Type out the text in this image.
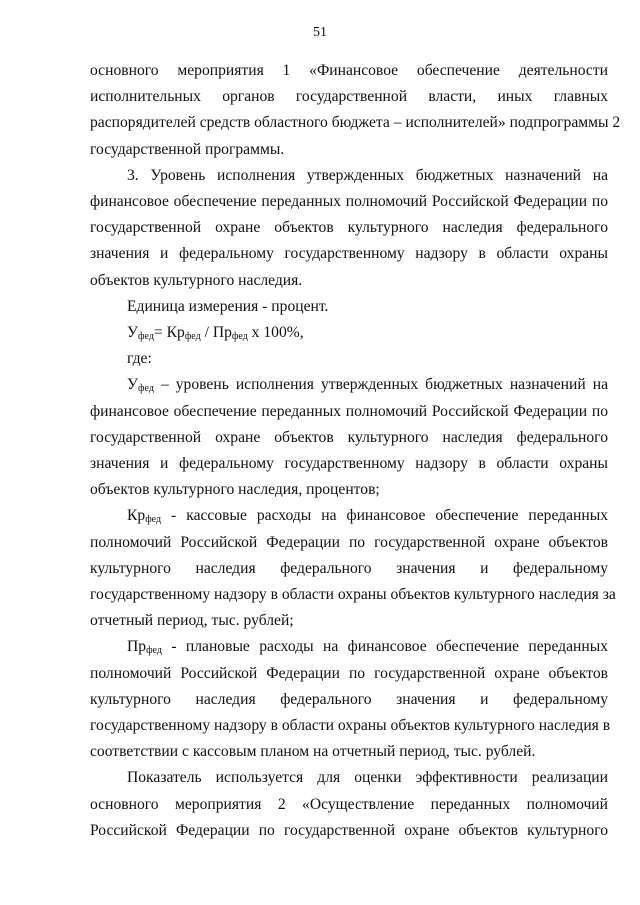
51
основного мероприятия 1 «Финансовое обеспечение деятельности
исполнительных органов государственной власти, иных главных
распорядителей средств областного бюджета – исполнителей» подпрограммы 2
государственной программы.
3. Уровень исполнения утвержденных бюджетных назначений на
финансовое обеспечение переданных полномочий Российской Федерации по
государственной охране объектов культурного наследия федерального
значения и федеральному государственному надзору в области охраны
объектов культурного наследия.
Единица измерения - процент.
$У_{фед}= Кр_{фед} / Пр_{фед}$ х 100%,
где:
$У_{фед}$ – уровень исполнения утвержденных бюджетных назначений на
финансовое обеспечение переданных полномочий Российской Федерации по
государственной охране объектов культурного наследия федерального
значения и федеральному государственному надзору в области охраны
объектов культурного наследия, процентов;
$Кр_{фед}$ - кассовые расходы на финансовое обеспечение переданных
полномочий Российской Федерации по государственной охране объектов
культурного наследия федерального значения и федеральному
государственному надзору в области охраны объектов культурного наследия за
отчетный период, тыс. рублей;
$Пр_{фед}$ - плановые расходы на финансовое обеспечение переданных
полномочий Российской Федерации по государственной охране объектов
культурного наследия федерального значения и федеральному
государственному надзору в области охраны объектов культурного наследия в
соответствии с кассовым планом на отчетный период, тыс. рублей.
Показатель используется для оценки эффективности реализации
основного мероприятия 2 «Осуществление переданных полномочий
Российской Федерации по государственной охране объектов культурного
